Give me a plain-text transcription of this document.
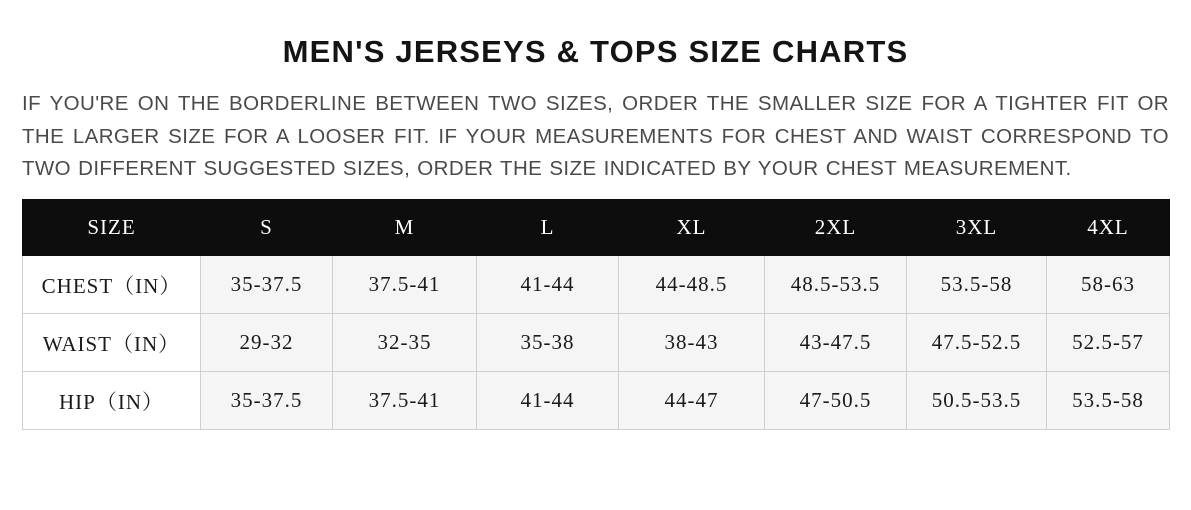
MEN'S JERSEYS & TOPS SIZE CHARTS

IF YOU'RE ON THE BORDERLINE BETWEEN TWO SIZES, ORDER THE SMALLER SIZE FOR A TIGHTER FIT OR THE LARGER SIZE FOR A LOOSER FIT. IF YOUR MEASUREMENTS FOR CHEST AND WAIST CORRESPOND TO TWO DIFFERENT SUGGESTED SIZES, ORDER THE SIZE INDICATED BY YOUR CHEST MEASUREMENT.

SIZE	S	M	L	XL	2XL	3XL	4XL
CHEST（IN）	35-37.5	37.5-41	41-44	44-48.5	48.5-53.5	53.5-58	58-63
WAIST（IN）	29-32	32-35	35-38	38-43	43-47.5	47.5-52.5	52.5-57
HIP（IN）	35-37.5	37.5-41	41-44	44-47	47-50.5	50.5-53.5	53.5-58
